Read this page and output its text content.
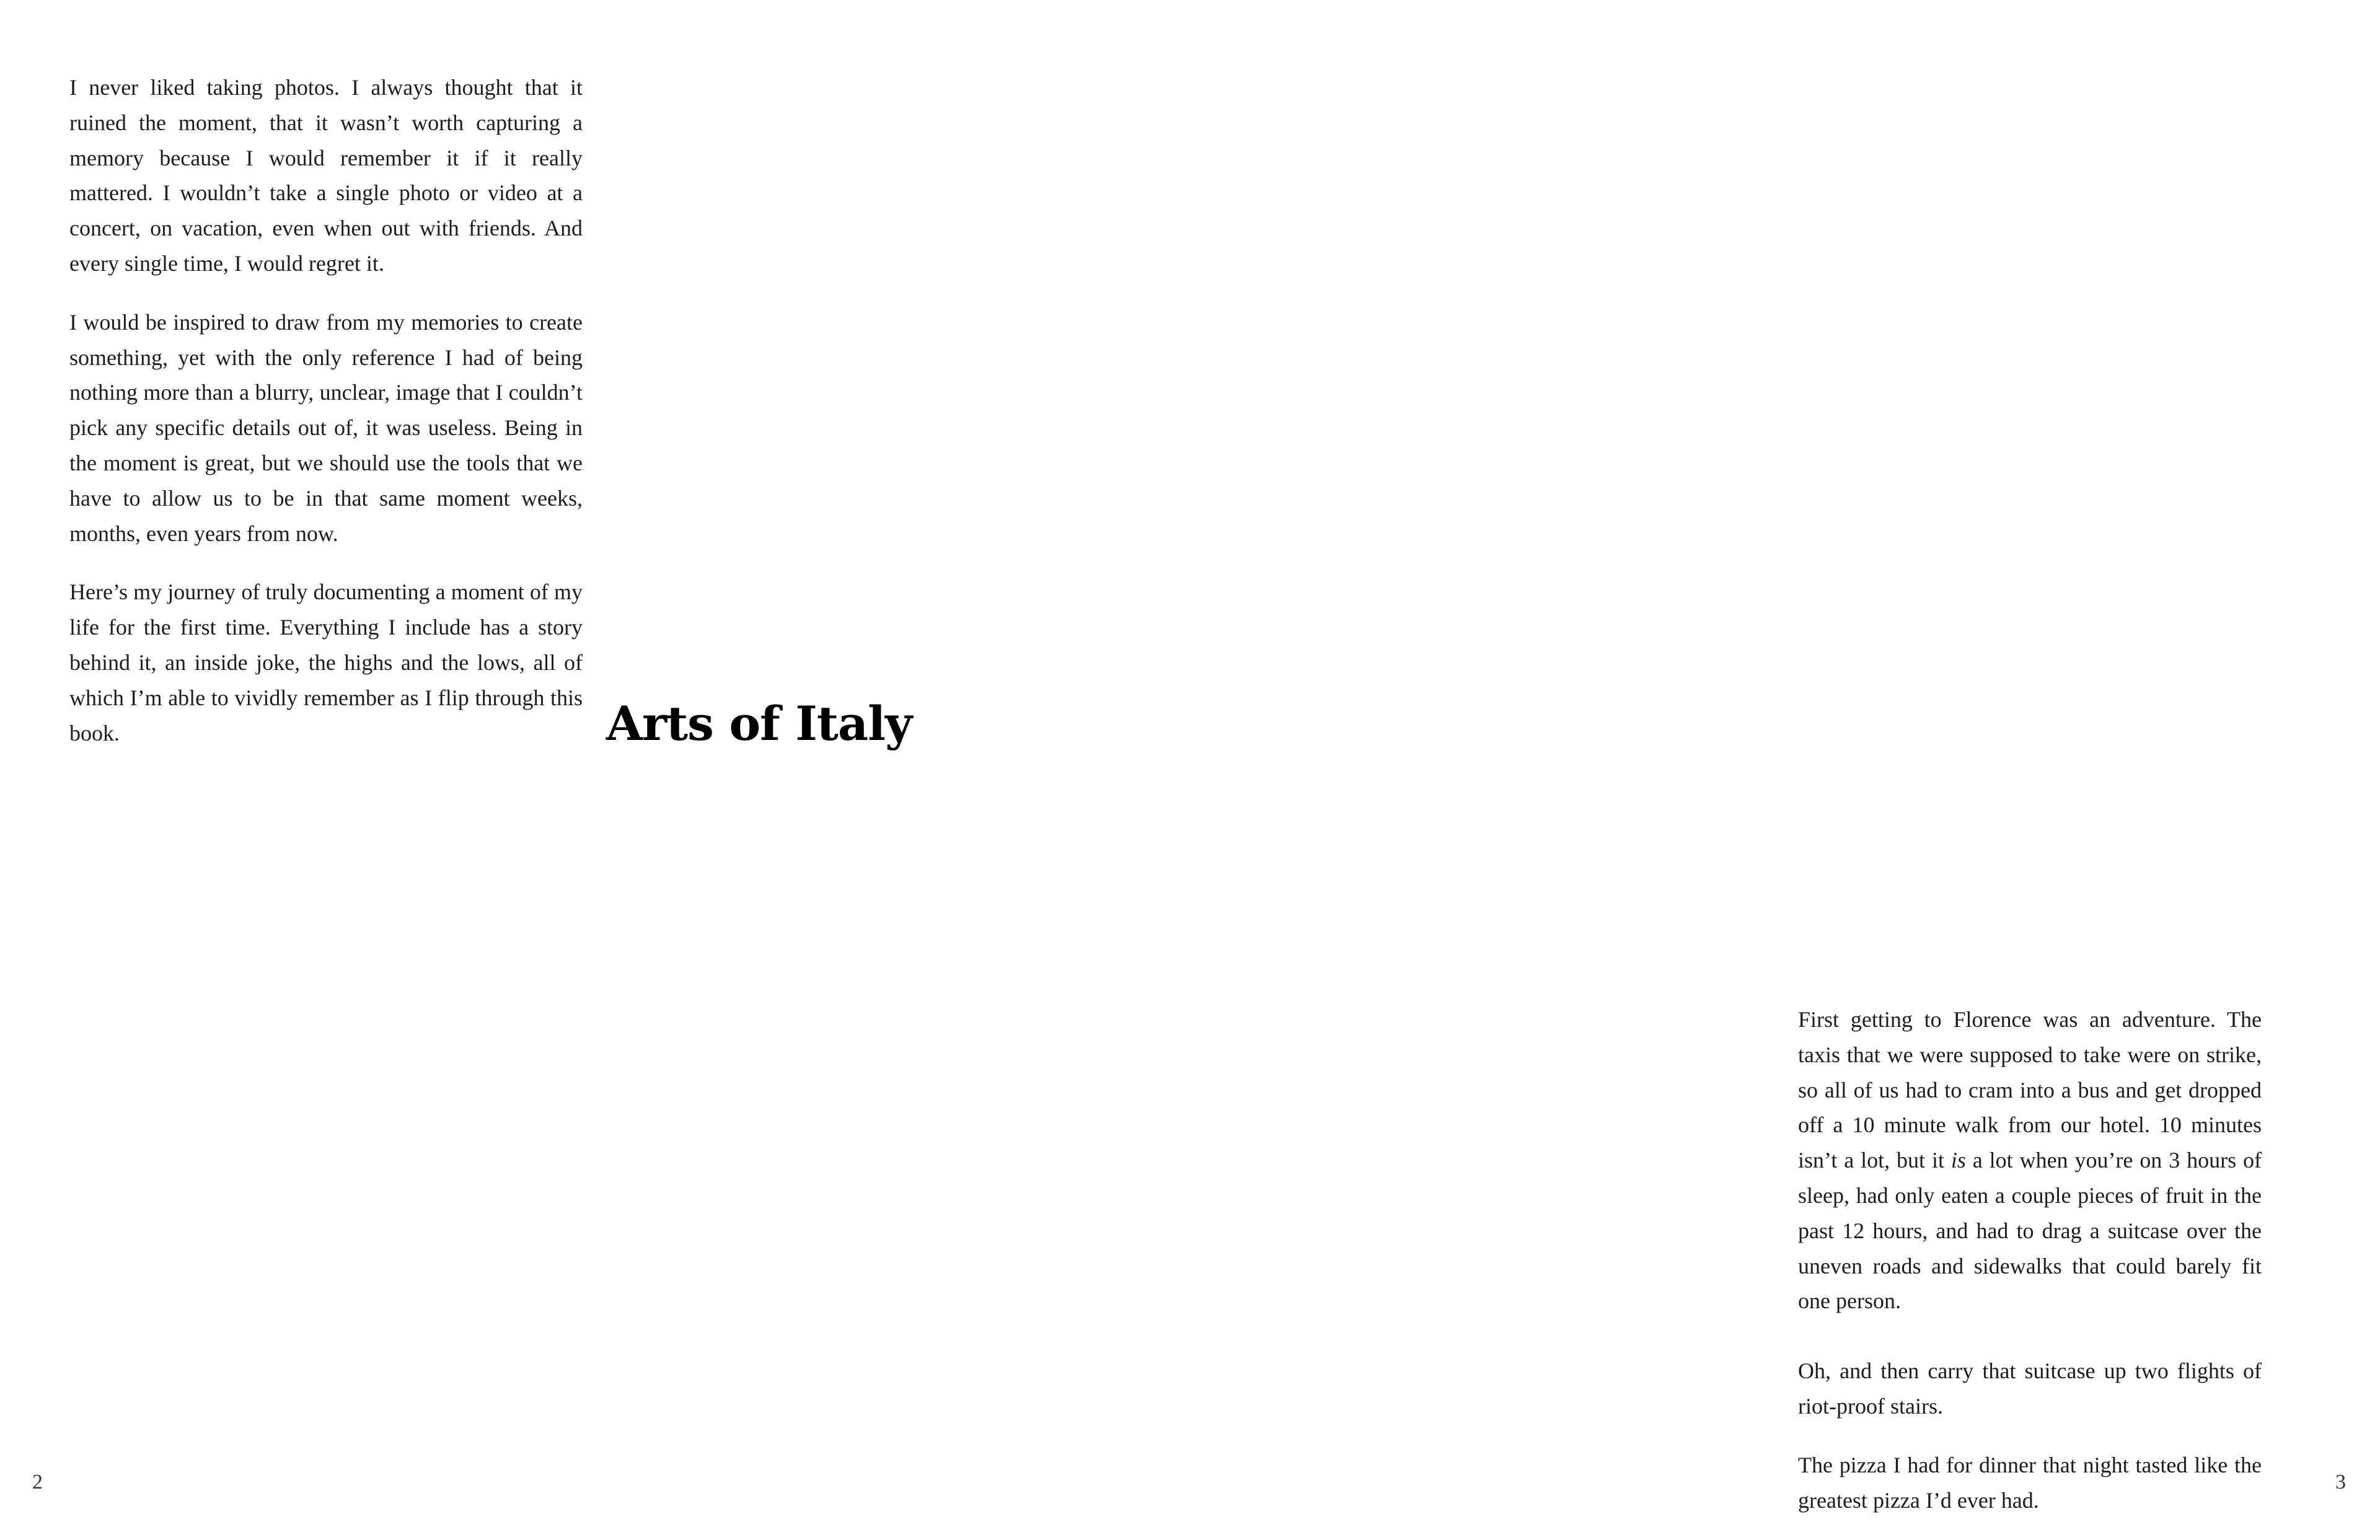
I never liked taking photos. I always thought that it ruined the moment, that it wasn’t worth capturing a memory because I would remember it if it really mattered. I wouldn’t take a single photo or video at a concert, on vacation, even when out with friends. And every single time, I would regret it.

I would be inspired to draw from my memories to create something, yet with the only reference I had of being nothing more than a blurry, unclear, image that I couldn’t pick any specific details out of, it was useless. Being in the moment is great, but we should use the tools that we have to allow us to be in that same moment weeks, months, even years from now.

Here’s my journey of truly documenting a moment of my life for the first time. Everything I include has a story behind it, an inside joke, the highs and the lows, all of which I’m able to vividly remember as I flip through this book.	Arts of Italy
2

First getting to Florence was an adventure. The taxis that we were supposed to take were on strike, so all of us had to cram into a bus and get dropped off a 10 minute walk from our hotel. 10 minutes isn’t a lot, but it is a lot when you’re on 3 hours of sleep, had only eaten a couple pieces of fruit in the past 12 hours, and had to drag a suitcase over the uneven roads and sidewalks that could barely fit one person.

Oh, and then carry that suitcase up two flights of riot-proof stairs.

The pizza I had for dinner that night tasted like the greatest pizza I’d ever had.

3
